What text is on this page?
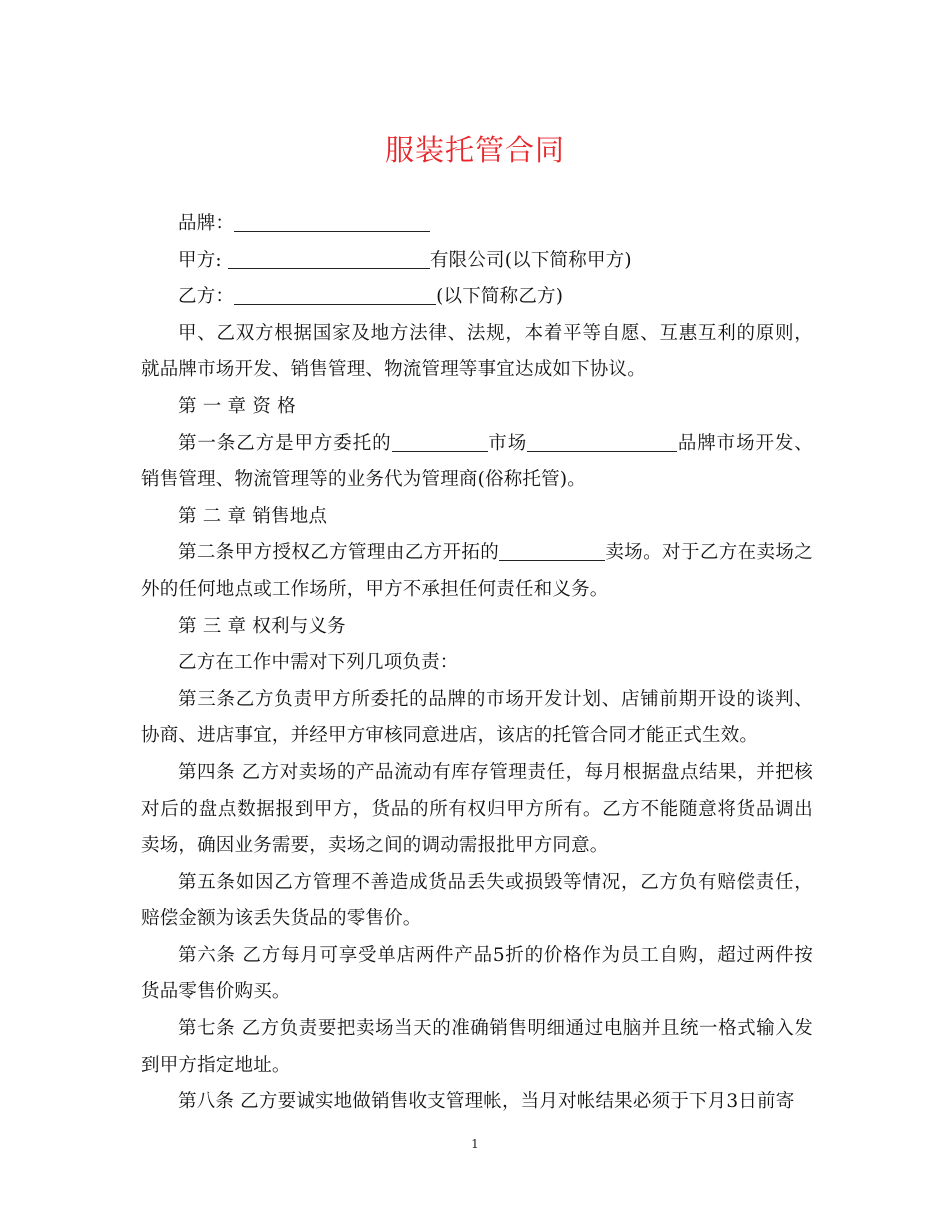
服装托管合同

品牌：

甲方:	有限公司(以下简称甲方)

乙方：	(以下简称乙方)

甲、乙双方根据国家及地方法律、法规，本着平等自愿、互惠互利的原则，就品牌市场开发、销售管理、物流管理等事宜达成如下协议。

第 一 章 资 格

第一条乙方是甲方委托的	市场	品牌市场开发、销售管理、物流管理等的业务代为管理商(俗称托管)。

第 二 章 销售地点

第二条甲方授权乙方管理由乙方开拓的	卖场。对于乙方在卖场之外的任何地点或工作场所，甲方不承担任何责任和义务。

第 三 章 权利与义务

乙方在工作中需对下列几项负责：

第三条乙方负责甲方所委托的品牌的市场开发计划、店铺前期开设的谈判、协商、进店事宜，并经甲方审核同意进店，该店的托管合同才能正式生效。

第四条 乙方对卖场的产品流动有库存管理责任，每月根据盘点结果，并把核对后的盘点数据报到甲方，货品的所有权归甲方所有。乙方不能随意将货品调出卖场，确因业务需要，卖场之间的调动需报批甲方同意。

第五条如因乙方管理不善造成货品丢失或损毁等情况，乙方负有赔偿责任，赔偿金额为该丢失货品的零售价。

第六条 乙方每月可享受单店两件产品5折的价格作为员工自购，超过两件按货品零售价购买。

第七条 乙方负责要把卖场当天的准确销售明细通过电脑并且统一格式输入发到甲方指定地址。

第八条 乙方要诚实地做销售收支管理帐，当月对帐结果必须于下月3日前寄

1
